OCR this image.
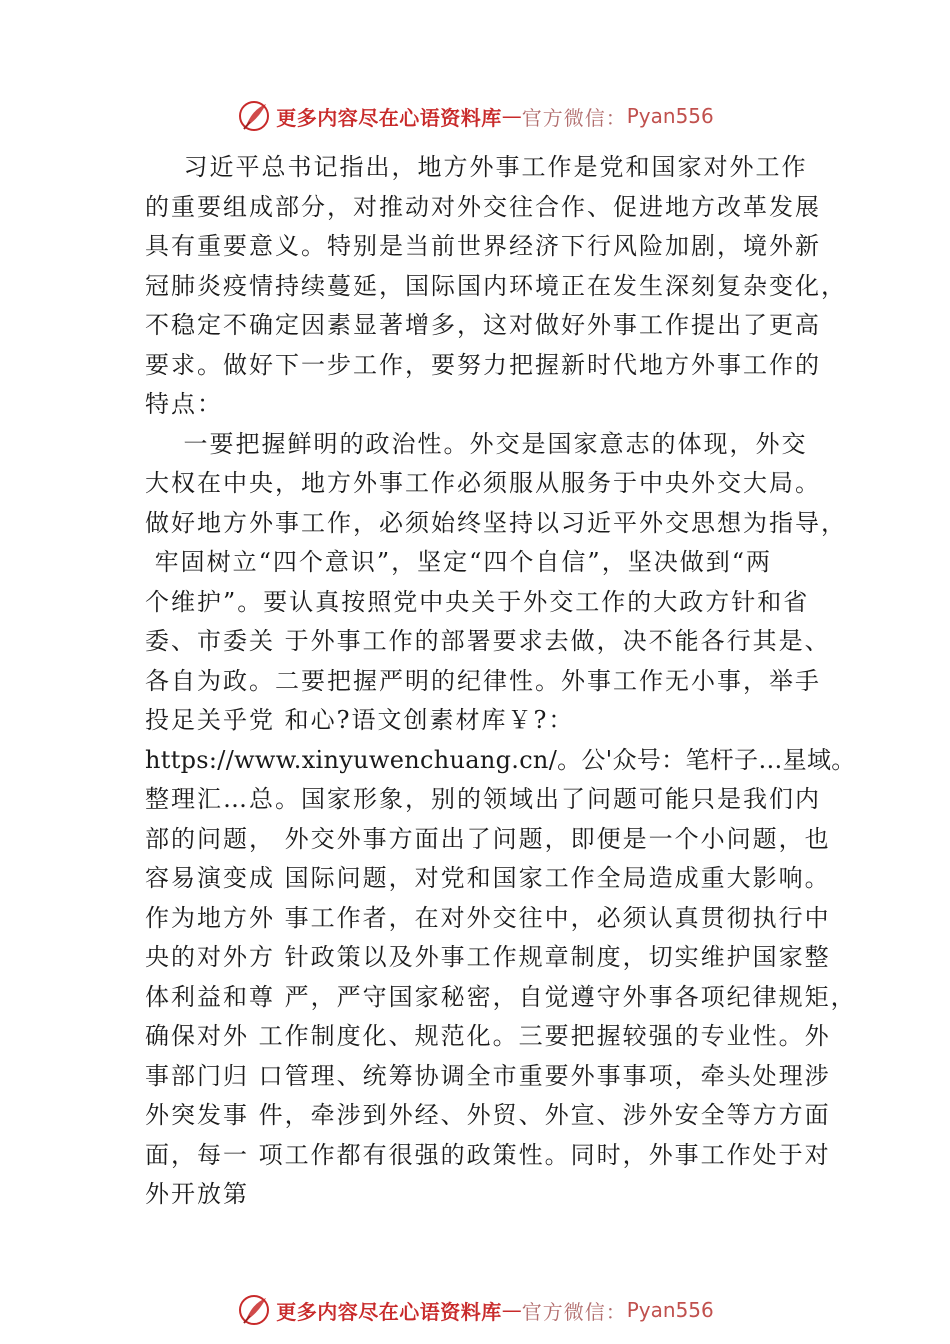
更多内容尽在心语资料库 — 官方微信： Pyan556
习近平总书记指出，地方外事工作是党和国家对外工作
的重要组成部分，对推动对外交往合作、促进地方改革发展
具有重要意义。特别是当前世界经济下行风险加剧，境外新
冠肺炎疫情持续蔓延，国际国内环境正在发生深刻复杂变化，
不稳定不确定因素显著增多，这对做好外事工作提出了更高
要求。做好下一步工作，要努力把握新时代地方外事工作的
特点：
一要把握鲜明的政治性。外交是国家意志的体现，外交
大权在中央，地方外事工作必须服从服务于中央外交大局。
做好地方外事工作，必须始终坚持以习近平外交思想为指导，
牢固树立“四个意识”，坚定“四个自信”，坚决做到“两
个维护”。要认真按照党中央关于外交工作的大政方针和省
委、市委关 于外事工作的部署要求去做，决不能各行其是、
各自为政。二要把握严明的纪律性。外事工作无小事，举手
投足关乎党 和心?语文创素材库￥?：
https://www.xinyuwenchuang.cn/。公'众号：笔杆子…星域。
整理汇…总。国家形象，别的领域出了问题可能只是我们内
部的问题， 外交外事方面出了问题，即便是一个小问题，也
容易演变成 国际问题，对党和国家工作全局造成重大影响。
作为地方外 事工作者，在对外交往中，必须认真贯彻执行中
央的对外方 针政策以及外事工作规章制度，切实维护国家整
体利益和尊 严，严守国家秘密，自觉遵守外事各项纪律规矩，
确保对外 工作制度化、规范化。三要把握较强的专业性。外
事部门归 口管理、统筹协调全市重要外事事项，牵头处理涉
外突发事 件，牵涉到外经、外贸、外宣、涉外安全等方方面
面，每一 项工作都有很强的政策性。同时，外事工作处于对
外开放第
更多内容尽在心语资料库 — 官方微信： Pyan556
